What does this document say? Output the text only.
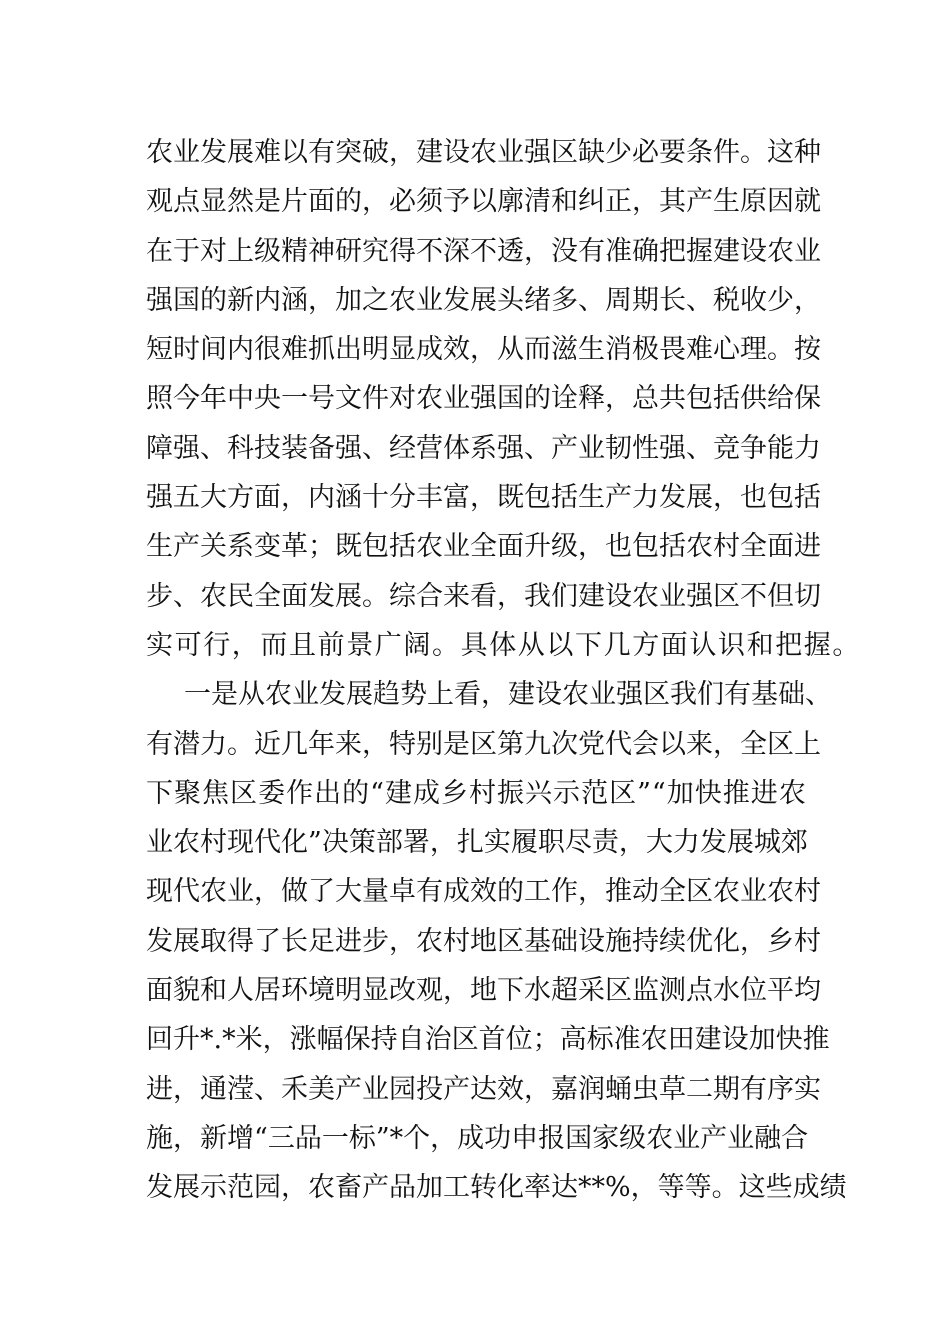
农 业 发 展 难 以 有 突 破 ， 建 设 农 业 强 区 缺 少 必 要 条 件 。 这 种
观 点 显 然 是 片 面 的 ， 必 须 予 以 廓 清 和 纠 正 ， 其 产 生 原 因 就
在 于 对 上 级 精 神 研 究 得 不 深 不 透 ， 没 有 准 确 把 握 建 设 农 业
强 国 的 新 内 涵 ， 加 之 农 业 发 展 头 绪 多 、 周 期 长 、 税 收 少 ，
短 时 间 内 很 难 抓 出 明 显 成 效 ， 从 而 滋 生 消 极 畏 难 心 理 。 按
照 今 年 中 央 一 号 文 件 对 农 业 强 国 的 诠 释 ， 总 共 包 括 供 给 保
障 强 、 科 技 装 备 强 、 经 营 体 系 强 、 产 业 韧 性 强 、 竞 争 能 力
强 五 大 方 面 ， 内 涵 十 分 丰 富 ， 既 包 括 生 产 力 发 展 ， 也 包 括
生 产 关 系 变 革 ； 既 包 括 农 业 全 面 升 级 ， 也 包 括 农 村 全 面 进
步 、 农 民 全 面 发 展 。 综 合 来 看 ， 我 们 建 设 农 业 强 区 不 但 切
实可行，而且前景广阔。具体从以下几方面认识和把握。
一 是 从 农 业 发 展 趋 势 上 看 ， 建 设 农 业 强 区 我 们 有 基 础 、
有 潜 力 。 近 几 年 来 ， 特 别 是 区 第 九 次 党 代 会 以 来 ， 全 区 上
下 聚 焦 区 委 作 出 的 “ 建 成 乡 村 振 兴 示 范 区 ” “ 加 快 推 进 农
业 农 村 现 代 化 ” 决 策 部 署 ， 扎 实 履 职 尽 责 ， 大 力 发 展 城 郊
现 代 农 业 ， 做 了 大 量 卓 有 成 效 的 工 作 ， 推 动 全 区 农 业 农 村
发 展 取 得 了 长 足 进 步 ， 农 村 地 区 基 础 设 施 持 续 优 化 ， 乡 村
面 貌 和 人 居 环 境 明 显 改 观 ， 地 下 水 超 采 区 监 测 点 水 位 平 均
回 升 *.* 米 ， 涨 幅 保 持 自 治 区 首 位 ； 高 标 准 农 田 建 设 加 快 推
进 ， 通 滢 、 禾 美 产 业 园 投 产 达 效 ， 嘉 润 蛹 虫 草 二 期 有 序 实
施 ， 新 增 “ 三 品 一 标 ” * 个 ， 成 功 申 报 国 家 级 农 业 产 业 融 合
发 展 示 范 园 ， 农 畜 产 品 加 工 转 化 率 达 **% ， 等 等 。 这 些 成 绩
